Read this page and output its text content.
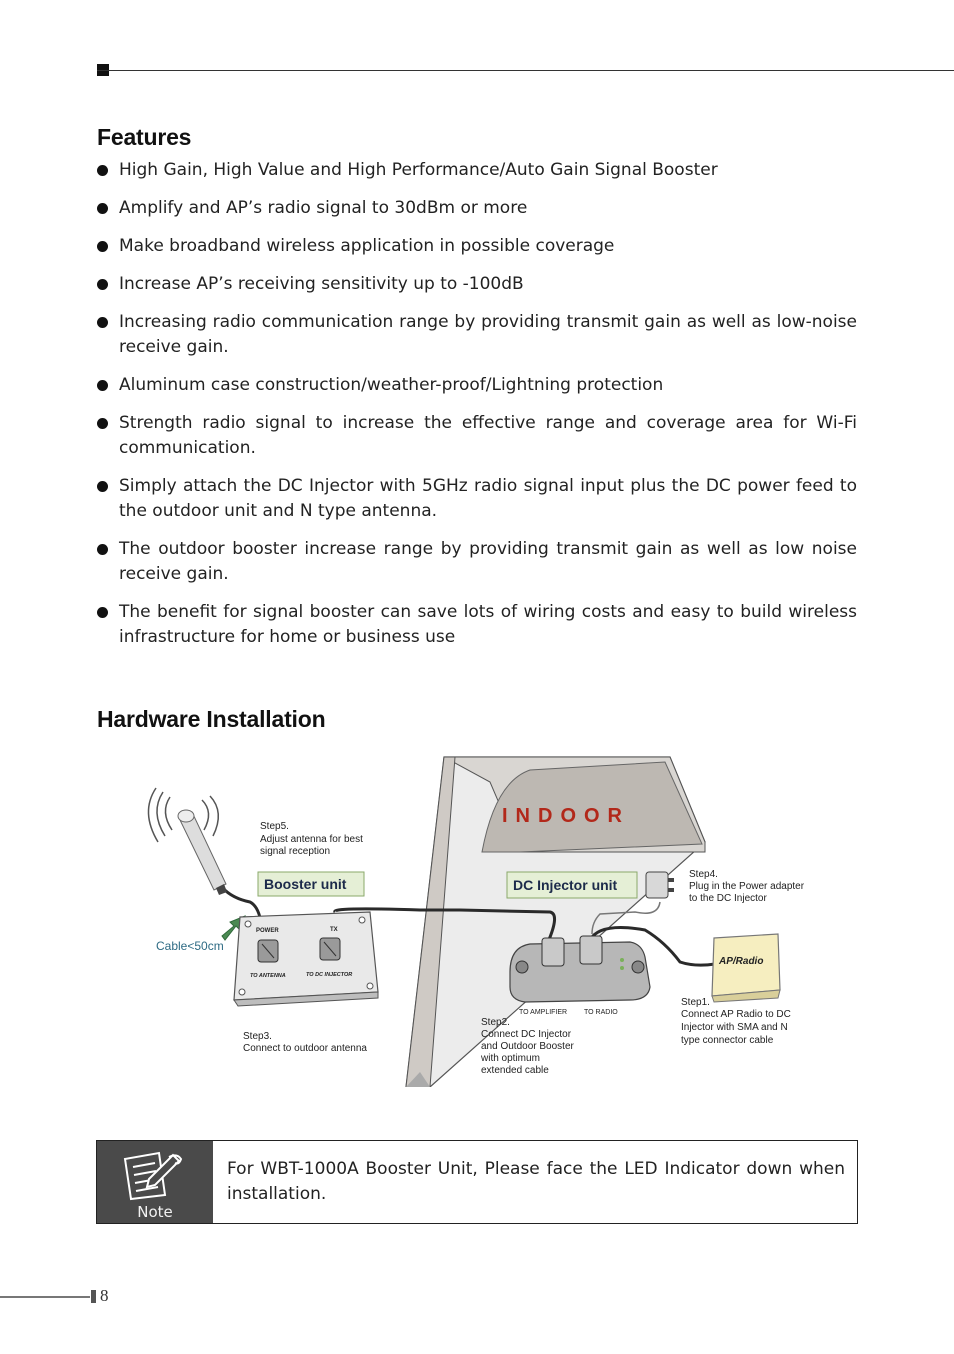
Features
High Gain, High Value and High Performance/Auto Gain Signal Booster
Amplify and AP’s radio signal to 30dBm or more
Make broadband wireless application in possible coverage
Increase AP’s receiving sensitivity up to -100dB
Increasing radio communication range by providing transmit gain as well as low-noise receive gain.
Aluminum case construction/weather-proof/Lightning protection
Strength radio signal to increase the effective range and coverage area for Wi-Fi communication.
Simply attach the DC Injector with 5GHz radio signal input plus the DC power feed to the outdoor unit and N type antenna.
The outdoor booster increase range by providing transmit gain as well as low noise receive gain.
The benefit for signal booster can save lots of wiring costs and easy to build wireless infrastructure for home or business use
Hardware Installation
INDOOR
Step5.
Adjust antenna for best
signal reception
Booster unit
Cable<50cm
POWER	TX
TO ANTENNA	TO DC INJECTOR
Step3.
Connect to outdoor antenna
DC Injector unit
Step4.
Plug in the Power adapter
to the DC Injector
TO AMPLIFIER TO RADIO
Step2.
Connect DC Injector
and Outdoor Booster
with optimum
extended cable
AP/Radio
Step1.
Connect AP Radio to DC
Injector with SMA and N
type connector cable
Note
For WBT-1000A Booster Unit, Please face the LED Indicator down when installation.
8
